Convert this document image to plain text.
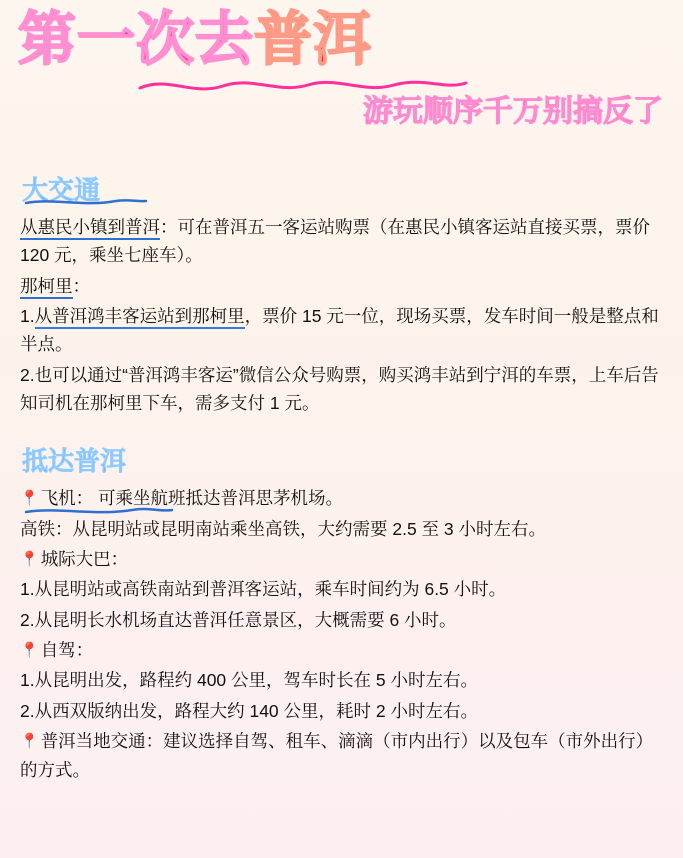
第一次去普洱
游玩顺序千万别搞反了
大交通
从惠民小镇到普洱：可在普洱五一客运站购票（在惠民小镇客运站直接买票，票价 120 元，乘坐七座车）。
那柯里：
1.从普洱鸿丰客运站到那柯里，票价 15 元一位，现场买票，发车时间一般是整点和半点。
2.也可以通过“普洱鸿丰客运”微信公众号购票，购买鸿丰站到宁洱的车票，上车后告知司机在那柯里下车，需多支付 1 元。
抵达普洱
📍 飞机： 可乘坐航班抵达普洱思茅机场。
高铁：从昆明站或昆明南站乘坐高铁，大约需要 2.5 至 3 小时左右。
📍 城际大巴：
1.从昆明站或高铁南站到普洱客运站，乘车时间约为 6.5 小时。
2.从昆明长水机场直达普洱任意景区，大概需要 6 小时。
📍 自驾：
1.从昆明出发，路程约 400 公里，驾车时长在 5 小时左右。
2.从西双版纳出发，路程大约 140 公里，耗时 2 小时左右。
📍 普洱当地交通：建议选择自驾、租车、滴滴（市内出行）以及包车（市外出行）的方式。
